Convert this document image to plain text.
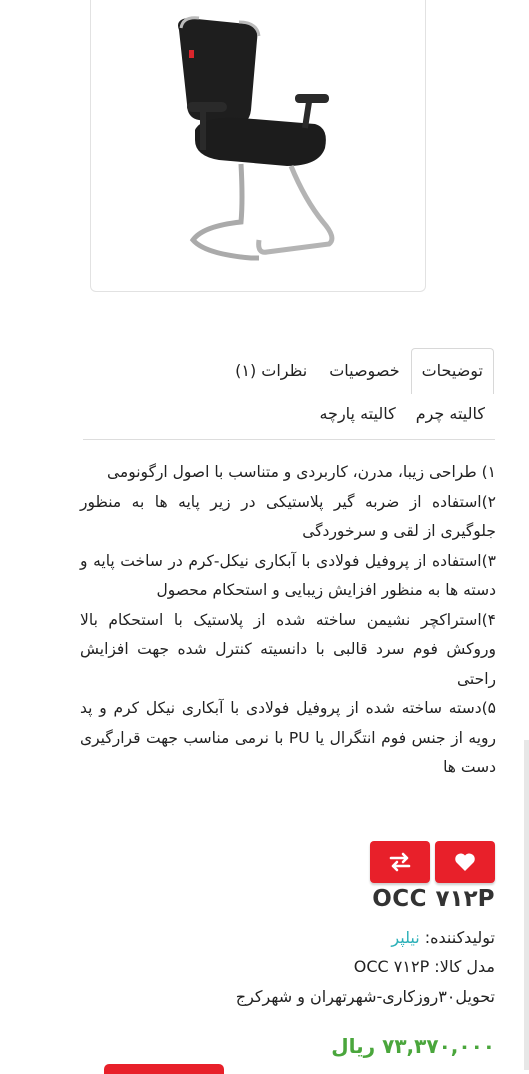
توضیحات
خصوصیات
نظرات (۱)
کالیته چرم
کالیته پارچه

۱) طراحی زیبا، مدرن، کاربردی و متناسب با اصول ارگونومی

۲)استفاده از ضربه گیر پلاستیکی در زیر پایه ها به منظور جلوگیری از لقی و سرخوردگی

۳)استفاده از پروفیل فولادی با آبکاری نیکل-کرم در ساخت پایه و دسته ها به منظور افزایش زیبایی و استحکام محصول

۴)استراکچر نشیمن ساخته شده از پلاستیک با استحکام بالا وروکش فوم سرد قالبی با دانسیته کنترل شده جهت افزایش راحتی

۵)دسته ساخته شده از پروفیل فولادی با آبکاری نیکل کرم و پد رویه از جنس فوم انتگرال یا PU با نرمی مناسب جهت قرارگیری دست ها

OCC ۷۱۲P
تولیدکننده: نیلپر
مدل کالا: OCC ۷۱۲P
تحویل۳۰روزکاری-شهرتهران و شهرکرج
۷۳,۳۷۰,۰۰۰ ریال
